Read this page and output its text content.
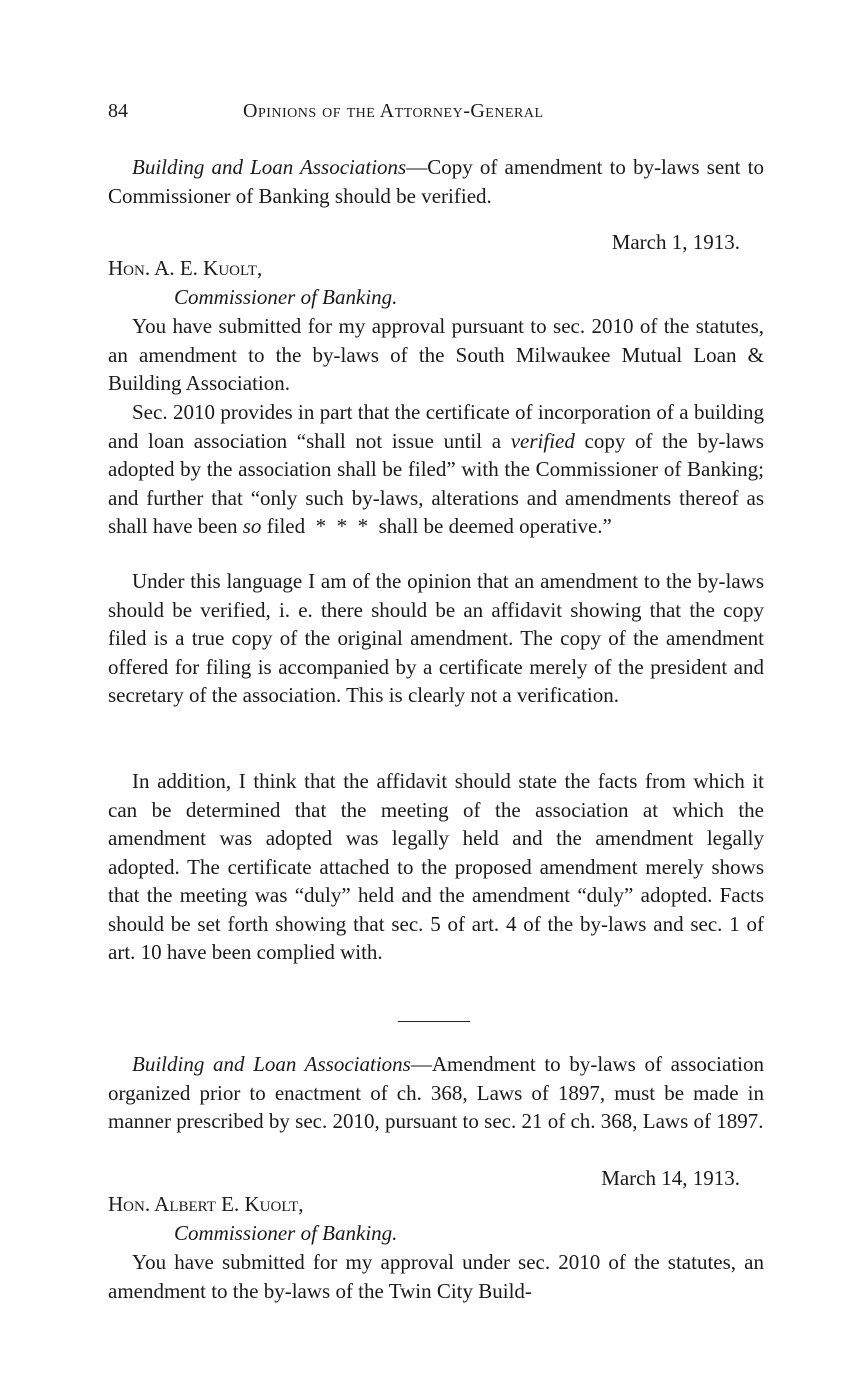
84	Opinions of the Attorney-General
Building and Loan Associations—Copy of amendment to by-laws sent to Commissioner of Banking should be verified.
March 1, 1913.
Hon. A. E. Kuolt,
Commissioner of Banking.
You have submitted for my approval pursuant to sec. 2010 of the statutes, an amendment to the by-laws of the South Milwaukee Mutual Loan & Building Association.
Sec. 2010 provides in part that the certificate of incorporation of a building and loan association “shall not issue until a verified copy of the by-laws adopted by the association shall be filed” with the Commissioner of Banking; and further that “only such by-laws, alterations and amendments thereof as shall have been so filed  *  *  *  shall be deemed operative.”
Under this language I am of the opinion that an amendment to the by-laws should be verified, i. e. there should be an affidavit showing that the copy filed is a true copy of the original amendment. The copy of the amendment offered for filing is accompanied by a certificate merely of the president and secretary of the association. This is clearly not a verification.
In addition, I think that the affidavit should state the facts from which it can be determined that the meeting of the association at which the amendment was adopted was legally held and the amendment legally adopted. The certificate attached to the proposed amendment merely shows that the meeting was “duly” held and the amendment “duly” adopted. Facts should be set forth showing that sec. 5 of art. 4 of the by-laws and sec. 1 of art. 10 have been complied with.
Building and Loan Associations—Amendment to by-laws of association organized prior to enactment of ch. 368, Laws of 1897, must be made in manner prescribed by sec. 2010, pursuant to sec. 21 of ch. 368, Laws of 1897.
March 14, 1913.
Hon. Albert E. Kuolt,
Commissioner of Banking.
You have submitted for my approval under sec. 2010 of the statutes, an amendment to the by-laws of the Twin City Build-
